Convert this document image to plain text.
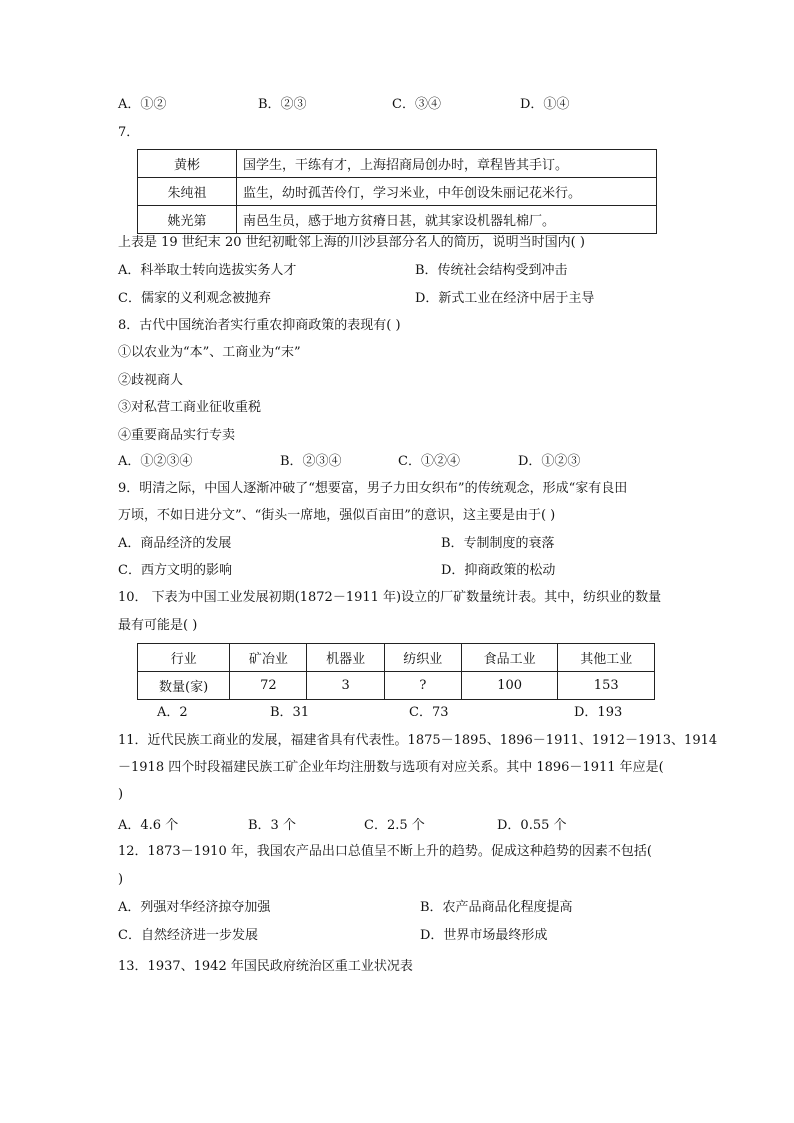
A．①②	B．②③	C．③④	D．①④
7．
黄彬	国学生，干练有才，上海招商局创办时，章程皆其手订。
朱纯祖	监生，幼时孤苦伶仃，学习米业，中年创设朱丽记花米行。
姚光第	南邑生员，感于地方贫瘠日甚，就其家设机器轧棉厂。
上表是 19 世纪末 20 世纪初毗邻上海的川沙县部分名人的简历，说明当时国内( )
A．科举取士转向选拔实务人才	B．传统社会结构受到冲击
C．儒家的义利观念被抛弃	D．新式工业在经济中居于主导
8．古代中国统治者实行重农抑商政策的表现有( )
①以农业为“本”、工商业为“末”
②歧视商人
③对私营工商业征收重税
④重要商品实行专卖
A．①②③④	B．②③④	C．①②④	D．①②③
9．明清之际，中国人逐渐冲破了“想要富，男子力田女织布”的传统观念，形成“家有良田
万顷，不如日进分文”、“街头一席地，强似百亩田”的意识，这主要是由于( )
A．商品经济的发展	B．专制制度的衰落
C．西方文明的影响	D．抑商政策的松动
10． 下表为中国工业发展初期(1872－1911 年)设立的厂矿数量统计表。其中，纺织业的数量
最有可能是( )
行业	矿冶业	机器业	纺织业	食品工业	其他工业
数量(家)	72	3	?	100	153
A．2	B．31	C．73	D．193
11．近代民族工商业的发展，福建省具有代表性。1875－1895、1896－1911、1912－1913、1914
－1918 四个时段福建民族工矿企业年均注册数与选项有对应关系。其中 1896－1911 年应是(
)
A．4.6 个	B．3 个	C．2.5 个	D．0.55 个
12．1873－1910 年，我国农产品出口总值呈不断上升的趋势。促成这种趋势的因素不包括(
)
A．列强对华经济掠夺加强	B．农产品商品化程度提高
C．自然经济进一步发展	D．世界市场最终形成
13．1937、1942 年国民政府统治区重工业状况表
